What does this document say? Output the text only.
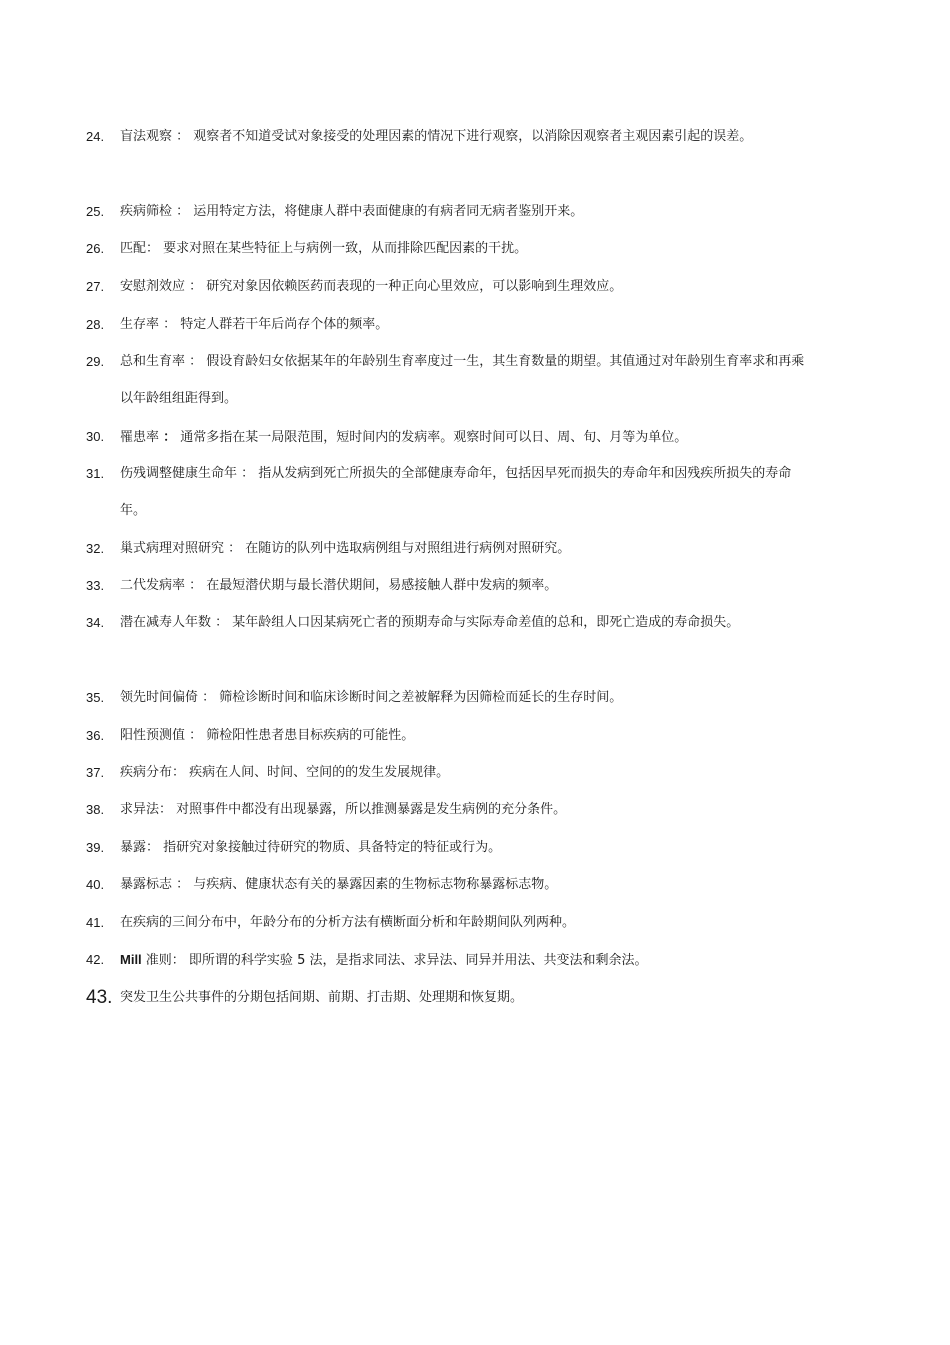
24. 盲法观察 ： 观察者不知道受试对象接受的处理因素的情况下进行观察，以消除因观察者主观因素引起的误差。
25. 疾病筛检 ： 运用特定方法，将健康人群中表面健康的有病者同无病者鉴别开来。
26. 匹配： 要求对照在某些特征上与病例一致，从而排除匹配因素的干扰。
27. 安慰剂效应 ： 研究对象因依赖医药而表现的一种正向心里效应，可以影响到生理效应。
28. 生存率 ： 特定人群若干年后尚存个体的频率。
29. 总和生育率 ： 假设育龄妇女依据某年的年龄别生育率度过一生，其生育数量的期望。其值通过对年龄别生育率求和再乘以年龄组组距得到。
30. 罹患率 ： 通常多指在某一局限范围，短时间内的发病率。观察时间可以日、周、旬、月等为单位。
31. 伤残调整健康生命年 ： 指从发病到死亡所损失的全部健康寿命年，包括因早死而损失的寿命年和因残疾所损失的寿命年。
32. 巢式病理对照研究 ： 在随访的队列中选取病例组与对照组进行病例对照研究。
33. 二代发病率 ： 在最短潜伏期与最长潜伏期间，易感接触人群中发病的频率。
34. 潜在减寿人年数 ： 某年龄组人口因某病死亡者的预期寿命与实际寿命差值的总和，即死亡造成的寿命损失。
35. 领先时间偏倚 ： 筛检诊断时间和临床诊断时间之差被解释为因筛检而延长的生存时间。
36. 阳性预测值 ： 筛检阳性患者患目标疾病的可能性。
37. 疾病分布： 疾病在人间、时间、空间的的发生发展规律。
38. 求异法： 对照事件中都没有出现暴露，所以推测暴露是发生病例的充分条件。
39. 暴露： 指研究对象接触过待研究的物质、具备特定的特征或行为。
40. 暴露标志 ： 与疾病、健康状态有关的暴露因素的生物标志物称暴露标志物。
41. 在疾病的三间分布中，年龄分布的分析方法有横断面分析和年龄期间队列两种。
42. Mill 准则： 即所谓的科学实验 5 法，是指求同法、求异法、同异并用法、共变法和剩余法。
43. 突发卫生公共事件的分期包括间期、前期、打击期、处理期和恢复期。
